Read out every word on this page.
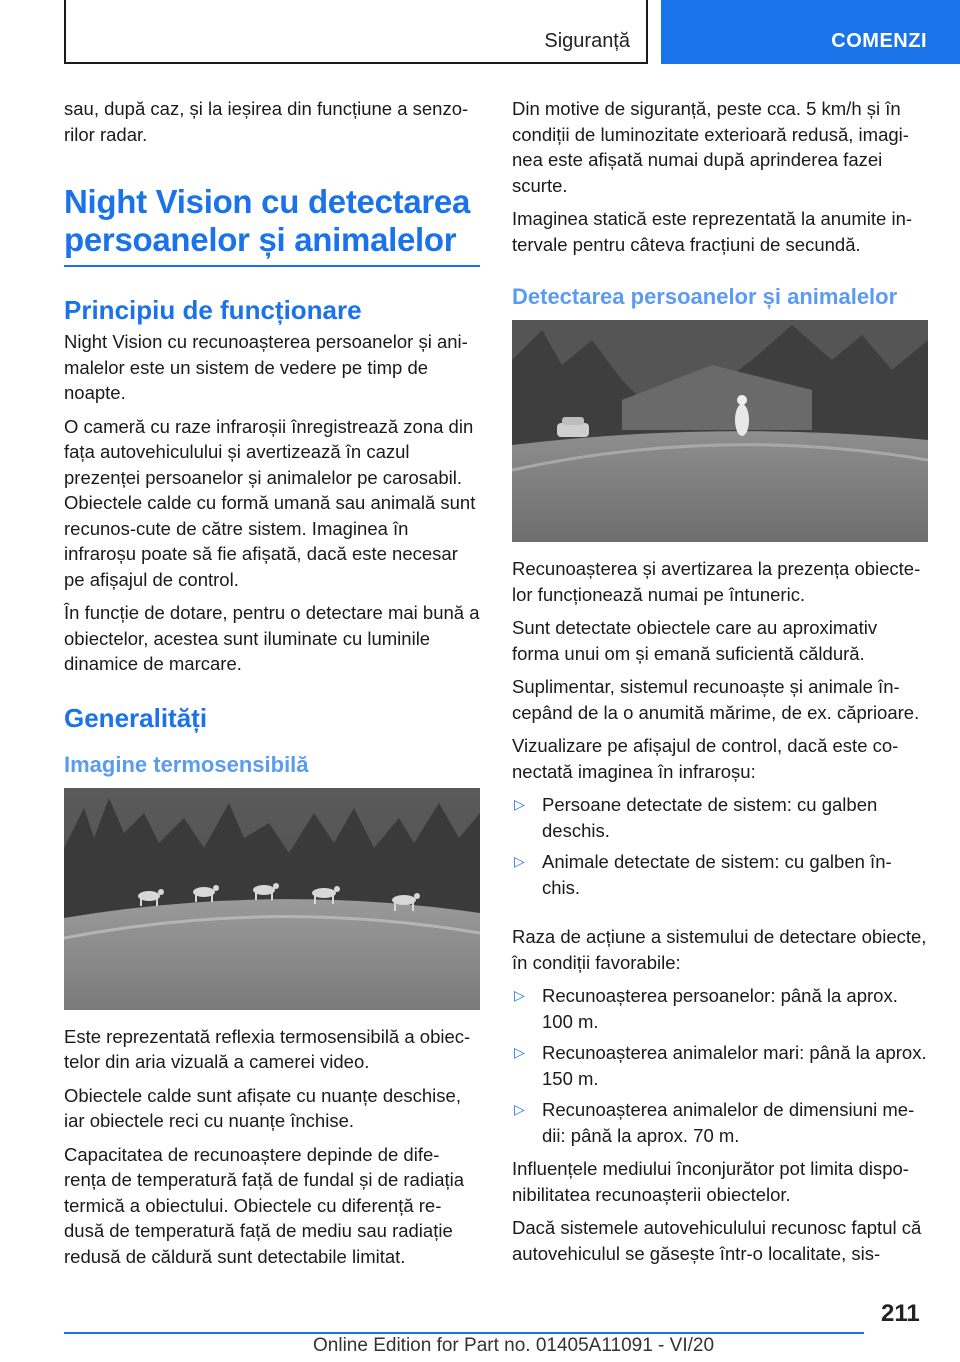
Siguranță	COMENZI

sau, după caz, și la ieșirea din funcțiune a senzo-rilor radar.

Night Vision cu detectarea persoanelor și animalelor
Principiu de funcționare

Night Vision cu recunoașterea persoanelor și ani-malelor este un sistem de vedere pe timp de noapte.

O cameră cu raze infraroșii înregistrează zona din fața autovehiculului și avertizează în cazul prezenței persoanelor și animalelor pe carosabil. Obiectele calde cu formă umană sau animală sunt recunos-cute de către sistem. Imaginea în infraroșu poate să fie afișată, dacă este necesar pe afișajul de control.

În funcție de dotare, pentru o detectare mai bună a obiectelor, acestea sunt iluminate cu luminile dinamice de marcare.

Generalități
Imagine termosensibilă

Este reprezentată reflexia termosensibilă a obiec-telor din aria vizuală a camerei video.

Obiectele calde sunt afișate cu nuanțe deschise, iar obiectele reci cu nuanțe închise.

Capacitatea de recunoaștere depinde de dife-rența de temperatură față de fundal și de radiația termică a obiectului. Obiectele cu diferență re-dusă de temperatură față de mediu sau radiație redusă de căldură sunt detectabile limitat.

Din motive de siguranță, peste cca. 5 km/h și în condiții de luminozitate exterioară redusă, imagi-nea este afișată numai după aprinderea fazei scurte.

Imaginea statică este reprezentată la anumite in-tervale pentru câteva fracțiuni de secundă.

Detectarea persoanelor și animalelor

Recunoașterea și avertizarea la prezența obiecte-lor funcționează numai pe întuneric.

Sunt detectate obiectele care au aproximativ forma unui om și emană suficientă căldură.

Suplimentar, sistemul recunoaște și animale în-cepând de la o anumită mărime, de ex. căprioare.

Vizualizare pe afișajul de control, dacă este co-nectată imaginea în infraroșu:

▷ Persoane detectate de sistem: cu galben deschis.
▷ Animale detectate de sistem: cu galben în-chis.

Raza de acțiune a sistemului de detectare obiecte, în condiții favorabile:

▷ Recunoașterea persoanelor: până la aprox. 100 m.
▷ Recunoașterea animalelor mari: până la aprox. 150 m.
▷ Recunoașterea animalelor de dimensiuni me-dii: până la aprox. 70 m.

Influențele mediului înconjurător pot limita dispo-nibilitatea recunoașterii obiectelor.

Dacă sistemele autovehiculului recunosc faptul că autovehiculul se găsește într-o localitate, sis-

211
Online Edition for Part no. 01405A11091 - VI/20
